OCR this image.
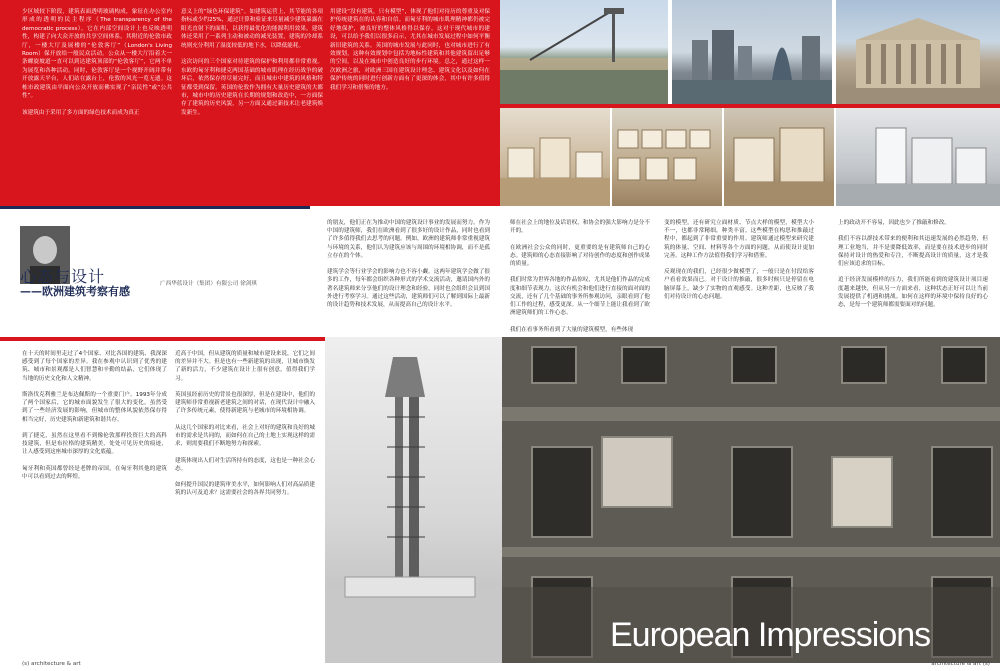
少区域较下阶段，建筑表面透明玻璃构成，象征在办公室内形成的透明的民主程序（The transparency of the democratic process）。它在内部空间设计上也反映透明性，构建了向大众开放的共享空间体系。其附近的伦敦市政厅，一楼大厅及展楼的“伦敦客厅”（London's Living Room）保开放给一般民众活动。公众从一楼大厅沿着大一条螺旋坡道一直可以到达建筑顶部的“伦敦客厅”，它两不单为展览和各种活动。同时，伦敦客厅是一个视野开阔并带有开放露天平台，人们站在露台上，伦敦的风光一览无遗。这栋市政建筑由平面向公众开放而佛实现了“亲民性”或“公共性”。

该建筑由于采用了多方面的绿色技术而成为真正
意义上的“绿色环保建筑”。如建筑运营上，其节能的各项指标或少约25%，通过计算和验证来尽量减少建筑暴露在阳光直射下的面积，以获得最优化的能源利用效果。建筑体还采用了一系列主动和被动的减光装置，建筑的冷却系统则充分利用了湿度较低的地下水，以降低能耗。

这次访问的三个国家对待建筑的保护和利用都非常重视。东欧的匈牙利和捷克两国基础的城市肌理在经历战争的破坏后，依然保存得尽量完好，而且城市中建筑的风格和特征都受到保留。英国的伦敦作为拥有大量历史建筑的大都市，城市中的历史建筑在长期的规划和改造中，一方面保存了建筑的历史风貌，另一方面又通过新技术让老建筑焕发新生。
用建设“没有建筑，只有模型”，体现了他们对待历的尊重及对保护传统建筑在的认容和自信。而匈牙利的城市肌理精神都仍被完好地保护，被良好的整体风格得以保存。这对于现代城市的建设，可以给予我们以很多启示，尤其在城市发展过程中如何平衡新旧建筑的关系。英国的城市发展与此同时，也对城市进行了有效规划，这种有效规划中包括为地标性建筑和其他建筑留出足够的空间，以及在城市中创造良好的步行环境。总之，通过这样一次欧洲之旅，对欧洲三国在建筑设计理念、建筑文化以及如何在保护传统的同时进行创新方面有了更深的体会，其中有许多值得我们学习和借鉴的地方。
心态与设计
——欧洲建筑考察有感
广西华蓝设计（集团）有限公司 徐剑琪
的朋友，他们正在为推动中国的建筑设计事业的发展而努力。作为中国的建筑师，我们在欧洲看到了很多好的设计作品，同时也看到了许多值得我们去思考的问题。例如，欧洲的建筑师非常重视建筑与环境的关系，他们认为建筑应该与周围的环境相协调，而不是孤立存在的个体。

建筑学会等行业学会的影响力也不容小觑。这两年建筑学会做了很多的工作，每年都会组织各种形式的学术交流活动，邀请国内外的著名建筑师来分享他们的设计理念和经验，同时也会组织会员到国外进行考察学习。通过这些活动，建筑师们可以了解到国际上最新的设计趋势和技术发展，从而提高自己的设计水平。
师在社会上的地位及话语权，和协会的强大影响力是分不开的。

在欧洲社会公众的同时，更重要的是有建筑师自己的心态。建筑师的心态直接影响了对待创作的态度和创作成果的质量。

我们时常为世界各地的作品惊叹，尤其是他们作品的完成度和细节表现力，这次有机会和他们进行直接的面对面的交流，还有了几个基础的事务所参观访问，亲眼看到了他们工作的过程，感受更深。从一个细节上能让我看到了欧洲建筑师们的工作心态。

我们在看事务所看到了大量的建筑模型，有些体现
变的模型，还有研究立面材质、节点大样的模型，模型大小不一，也都非常精细，种类丰富。这些模型在构思和推敲过程中，都起到了非常重要的作用。建筑师通过模型来研究建筑的体量、空间、材料等各个方面的问题，从而使设计更加完善。这种工作方法值得我们学习和借鉴。

反观现在的我们，已经很少做模型了，一般只是在付段给客户看看效果而已。对于设计的推敲，很多时候只是停留在电脑屏幕上，缺少了实物的直观感受。这种差距，也反映了我们对待设计的心态问题。
上的政动开不容易，因此也少了推敲和修改。

我们不容以群技术带来的便利和其迅速发展的必然趋势，但理工业地当，并不是要降低效率，而是要在技术进步的同时保持对设计的热爱和专注，不断提高设计的质量，这才是我们应该追求的目标。

追于经济发展模样的压力，我们所能看到的建筑设计项目速度越来越快，但从另一方面来看，这种状态正好可以让当前发展提供了机遇和挑战。如何在这样的环境中保持良好的心态，是每一个建筑师都需要面对的问题。
在十天的时间里走过了4个国家、对比各国的建筑、我深深感受到了每个国家的差异。我在参观中认识到了优秀的建筑、城市和景观都是人们智慧和辛勤的结晶，它们体现了当地的历史文化和人文精神。

斯洛伐克利雅兰是布达佩斯的一个重要门户。1993年分成了两个国家后，它的城市面貌发生了很大的变化。虽然受到了一些经济发展的影响，但城市的整体风貌依然保存得相当完好，历史建筑和新建筑和谐共存。

到了捷克，虽然在这里看不到像伦敦那样投资巨大的高科技建筑，但是布拉格的建筑精美，处处可见历史的痕迹，让人感受到这座城市深厚的文化底蕴。

匈牙利和英国都曾经是老牌的帝国，在匈牙利其他的建筑中可以看到过去的辉煌。
近高于中国，但从建筑的质量和城市建设来说，它们之间的差异并不大。但是也有一些新建筑的出现，让城市焕发了新的活力，不少建筑在设计上很有创意，值得我们学习。

英国虽经前历史的背景也很深厚，但是在建设中，他们的建筑师非常重视新老建筑之间的对话，在现代设计中融入了许多传统元素，使得新建筑与老城市的环境相协调。

从这几个国家的对比来看，社会上对好的建筑和良好的城市的需求是共同的，而如何在自己的土地上实现这样的需求，则需要我们不断地努力和探索。

建筑体现出人们对生活所持有的态度，这也是一种社会心态。

如何提升国民的建筑审美水平，如何影响人们对高品质建筑的认可及追求？这需要社会的各界共同努力。
European Impressions
(s) architecture & art	architecture & art (s)
